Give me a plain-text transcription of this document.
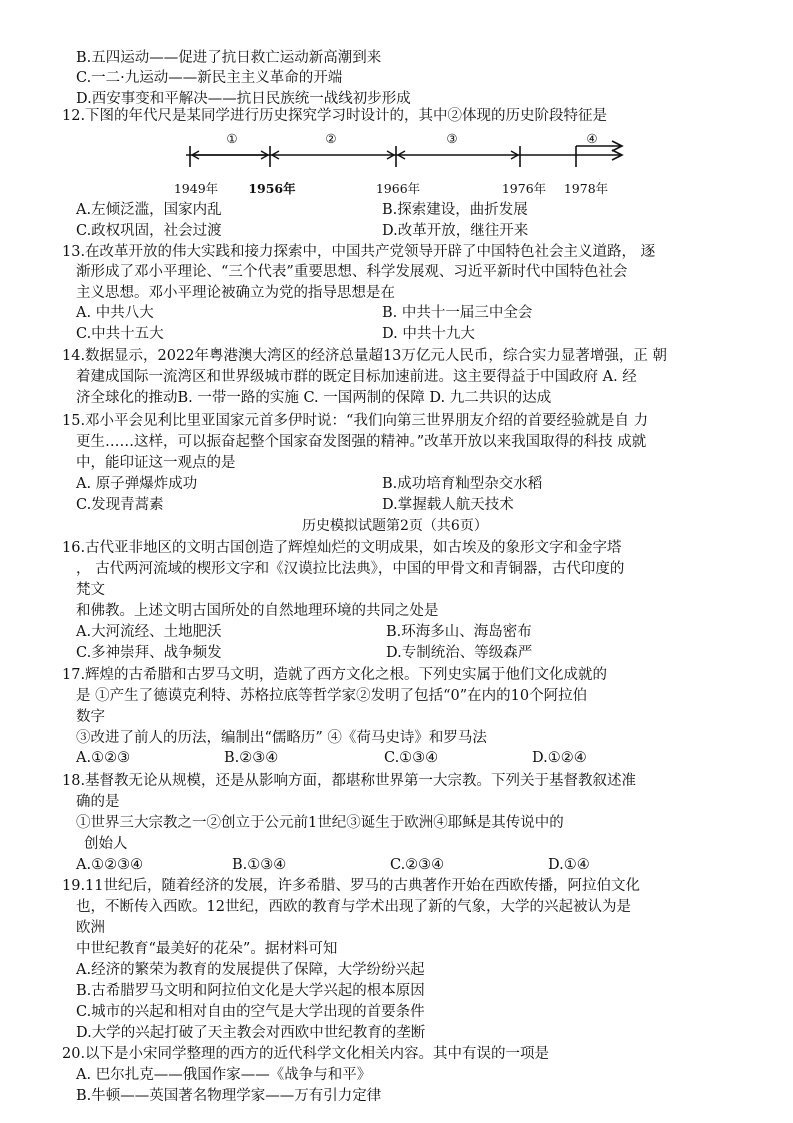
B.五四运动——促进了抗日救亡运动新高潮到来
C.一二·九运动——新民主主义革命的开端
D.西安事变和平解决——抗日民族统一战线初步形成
12.下图的年代尺是某同学进行历史探究学习时设计的，其中②体现的历史阶段特征是
①	②	③	④
1949年 1956年	1966年	1976年 1978年
A.左倾泛滥，国家内乱	B.探索建设，曲折发展
C.政权巩固，社会过渡	D.改革开放，继往开来
13.在改革开放的伟大实践和接力探索中，中国共产党领导开辟了中国特色社会主义道路， 逐
渐形成了邓小平理论、“三个代表”重要思想、科学发展观、习近平新时代中国特色社会
主义思想。邓小平理论被确立为党的指导思想是在
A. 中共八大	B. 中共十一届三中全会
C.中共十五大	D. 中共十九大
14.数据显示，2022年粤港澳大湾区的经济总量超13万亿元人民币，综合实力显著增强，正 朝
着建成国际一流湾区和世界级城市群的既定目标加速前进。这主要得益于中国政府 A. 经
济全球化的推动B. 一带一路的实施 C. 一国两制的保障 D. 九二共识的达成
15.邓小平会见利比里亚国家元首多伊时说：“我们向第三世界朋友介绍的首要经验就是自 力
更生……这样，可以振奋起整个国家奋发图强的精神。”改革开放以来我国取得的科技 成就
中，能印证这一观点的是
A. 原子弹爆炸成功	B.成功培育籼型杂交水稻
C.发现青蒿素	D.掌握载人航天技术
历史模拟试题第2页（共6页）
16.古代亚非地区的文明古国创造了辉煌灿烂的文明成果，如古埃及的象形文字和金字塔
， 古代两河流域的楔形文字和《汉谟拉比法典》，中国的甲骨文和青铜器，古代印度的
梵文
和佛教。上述文明古国所处的自然地理环境的共同之处是
A.大河流经、土地肥沃	B.环海多山、海岛密布
C.多神崇拜、战争频发	D.专制统治、等级森严
17.辉煌的古希腊和古罗马文明，造就了西方文化之根。下列史实属于他们文化成就的
是 ①产生了德谟克利特、苏格拉底等哲学家②发明了包括“0”在内的10个阿拉伯
数字
③改进了前人的历法，编制出“儒略历” ④《荷马史诗》和罗马法
A.①②③	B.②③④	C.①③④	D.①②④
18.基督教无论从规模，还是从影响方面，都堪称世界第一大宗教。下列关于基督教叙述准
确的是
①世界三大宗教之一②创立于公元前1世纪③诞生于欧洲④耶稣是其传说中的
创始人
A.①②③④	B.①③④	C.②③④	D.①④
19.11世纪后，随着经济的发展，许多希腊、罗马的古典著作开始在西欧传播，阿拉伯文化
也，不断传入西欧。12世纪，西欧的教育与学术出现了新的气象，大学的兴起被认为是
欧洲
中世纪教育“最美好的花朵”。据材料可知
A.经济的繁荣为教育的发展提供了保障，大学纷纷兴起
B.古希腊罗马文明和阿拉伯文化是大学兴起的根本原因
C.城市的兴起和相对自由的空气是大学出现的首要条件
D.大学的兴起打破了天主教会对西欧中世纪教育的垄断
20.以下是小宋同学整理的西方的近代科学文化相关内容。其中有误的一项是
A. 巴尔扎克——俄国作家——《战争与和平》
B.牛顿——英国著名物理学家——万有引力定律
